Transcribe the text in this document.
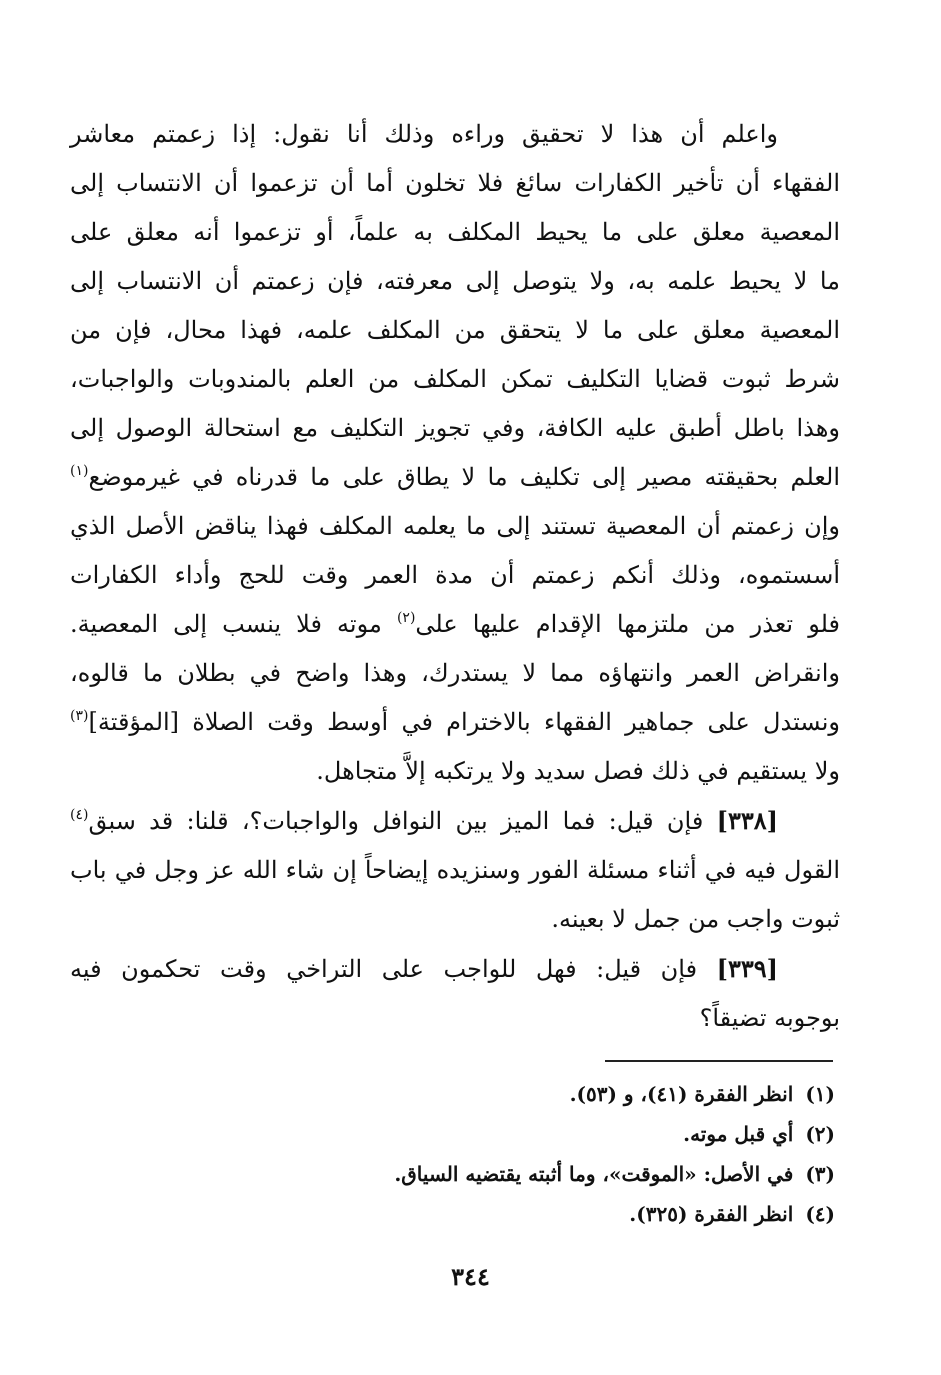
واعلم أن هذا لا تحقيق وراءه وذلك أنا نقول: إذا زعمتم معاشر
الفقهاء أن تأخير الكفارات سائغ فلا تخلون أما أن تزعموا أن الانتساب إلى
المعصية معلق على ما يحيط المكلف به علماً، أو تزعموا أنه معلق على
ما لا يحيط علمه به، ولا يتوصل إلى معرفته، فإن زعمتم أن الانتساب إلى
المعصية معلق على ما لا يتحقق من المكلف علمه، فهذا محال، فإن من
شرط ثبوت قضايا التكليف تمكن المكلف من العلم بالمندوبات والواجبات،
وهذا باطل أطبق عليه الكافة، وفي تجويز التكليف مع استحالة الوصول إلى
العلم بحقيقته مصير إلى تكليف ما لا يطاق على ما قدرناه في غيرموضع$^{(١)}$
وإن زعمتم أن المعصية تستند إلى ما يعلمه المكلف فهذا يناقض الأصل الذي
أسستموه، وذلك أنكم زعمتم أن مدة العمر وقت للحج وأداء الكفارات
فلو تعذر من ملتزمها الإقدام عليها على$^{(٢)}$ موته فلا ينسب إلى المعصية.
وانقراض العمر وانتهاؤه مما لا يستدرك، وهذا واضح في بطلان ما قالوه،
ونستدل على جماهير الفقهاء بالاخترام في أوسط وقت الصلاة [المؤقتة]$^{(٣)}$
ولا يستقيم في ذلك فصل سديد ولا يرتكبه إلاَّ متجاهل.
[٣٣٨] فإن قيل: فما الميز بين النوافل والواجبات؟، قلنا: قد سبق$^{(٤)}$
القول فيه في أثناء مسئلة الفور وسنزيده إيضاحاً إن شاء الله عز وجل في باب
ثبوت واجب من جمل لا بعينه.
[٣٣٩] فإن قيل: فهل للواجب على التراخي وقت تحكمون فيه
بوجوبه تضيقاً؟
(١)انظر الفقرة (٤١)، و (٥٣).
(٢)أي قبل موته.
(٣)في الأصل: «الموقت»، وما أثبته يقتضيه السياق.
(٤)انظر الفقرة (٣٢٥).
٣٤٤
